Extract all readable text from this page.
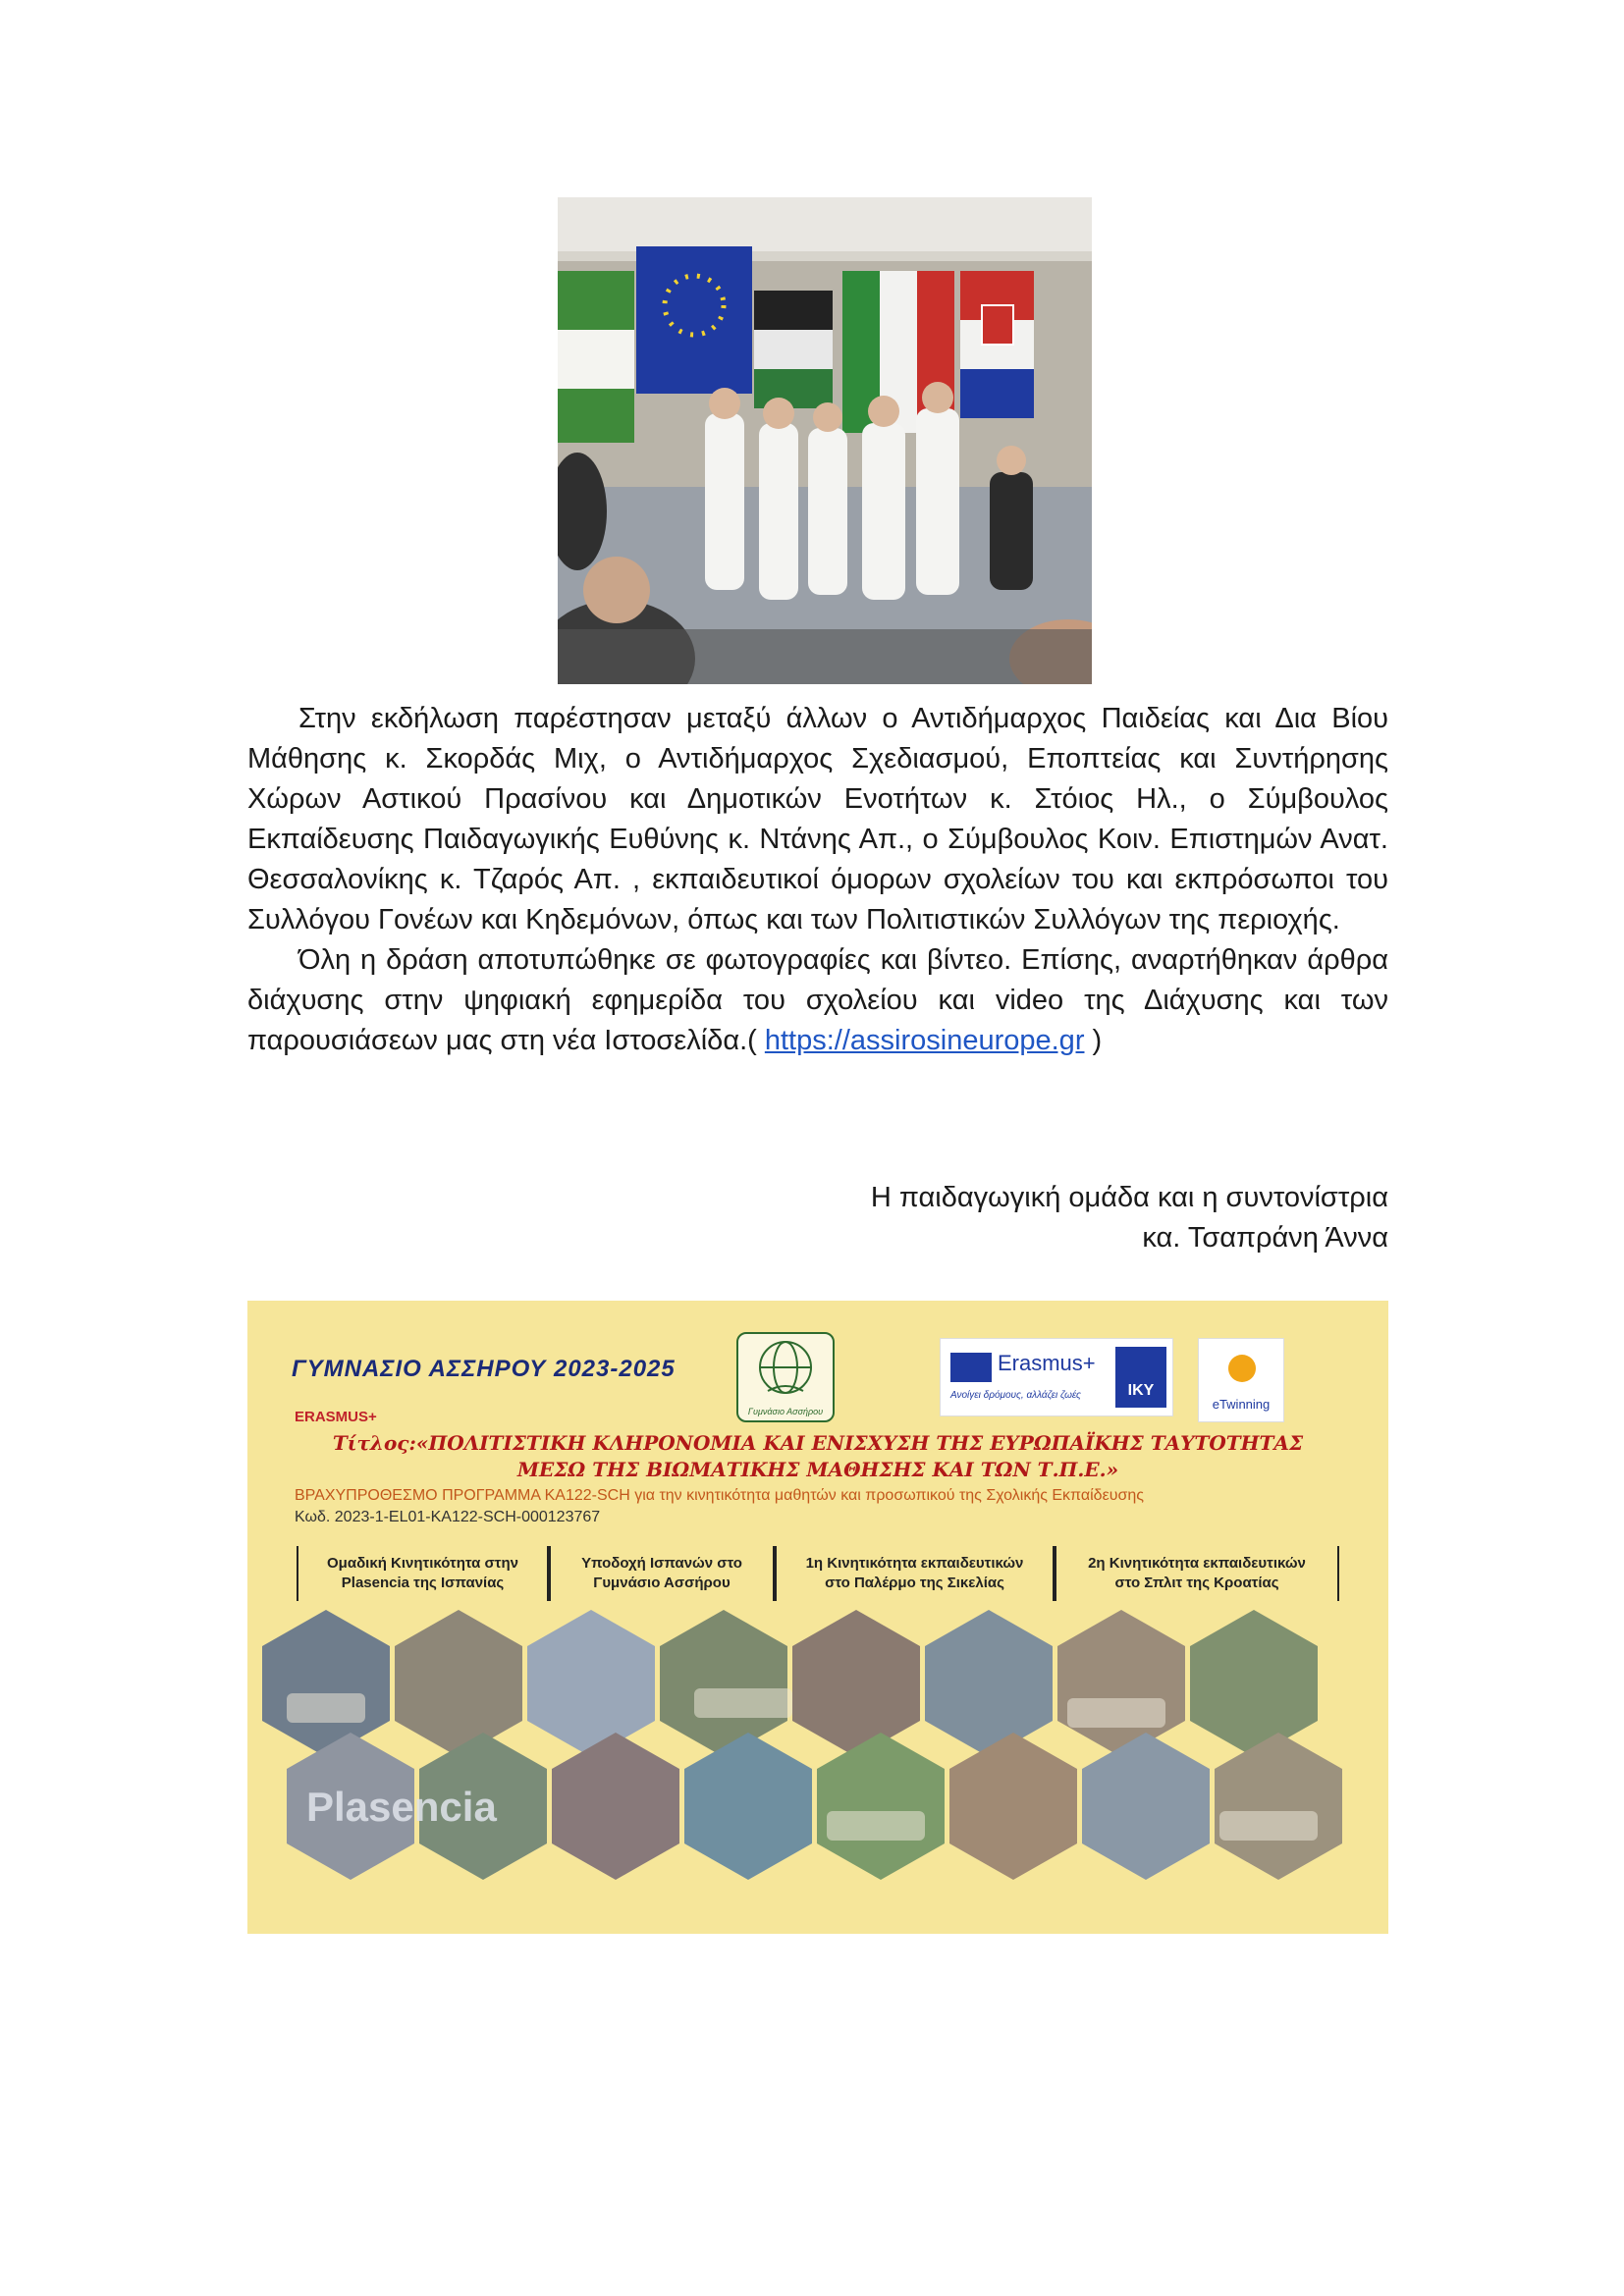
Στην εκδήλωση παρέστησαν μεταξύ άλλων ο Αντιδήμαρχος Παιδείας και Δια Βίου Μάθησης κ. Σκορδάς Μιχ, ο Αντιδήμαρχος Σχεδιασμού, Εποπτείας και Συντήρησης Χώρων Αστικού Πρασίνου και Δημοτικών Ενοτήτων κ. Στόιος Ηλ., ο Σύμβουλος Εκπαίδευσης Παιδαγωγικής Ευθύνης κ. Ντάνης Απ., ο Σύμβουλος Κοιν. Επιστημών Ανατ. Θεσσαλονίκης κ. Τζαρός Απ. , εκπαιδευτικοί όμορων σχολείων του και εκπρόσωποι του Συλλόγου Γονέων και Κηδεμόνων, όπως και των Πολιτιστικών Συλλόγων της περιοχής.

Όλη η δράση αποτυπώθηκε σε φωτογραφίες και βίντεο. Επίσης, αναρτήθηκαν άρθρα διάχυσης στην ψηφιακή εφημερίδα του σχολείου και video της Διάχυσης και των παρουσιάσεων μας στη νέα Ιστοσελίδα.( https://assirosineurope.gr )

Η παιδαγωγική ομάδα και η συντονίστρια
κα. Τσαπράνη Άννα
ΓΥΜΝΑΣΙΟ ΑΣΣΗΡΟΥ 2023-2025
Γυμνάσιο Ασσήρου
Erasmus+
Ανοίγει δρόμους, αλλάζει ζωές	IKY
eTwinning
ERASMUS+
Τίτλος:«ΠΟΛΙΤΙΣΤΙΚΗ ΚΛΗΡΟΝΟΜΙΑ ΚΑΙ ΕΝΙΣΧΥΣΗ ΤΗΣ ΕΥΡΩΠΑΪΚΗΣ ΤΑΥΤΟΤΗΤΑΣ
ΜΕΣΩ ΤΗΣ ΒΙΩΜΑΤΙΚΗΣ ΜΑΘΗΣΗΣ ΚΑΙ ΤΩΝ Τ.Π.Ε.»
ΒΡΑΧΥΠΡΟΘΕΣΜΟ ΠΡΟΓΡΑΜΜΑ ΚΑ122-SCH για την κινητικότητα μαθητών και προσωπικού της Σχολικής Εκπαίδευσης
Κωδ. 2023-1-EL01-KA122-SCH-000123767
Ομαδική Κινητικότητα στην
Plasencia της Ισπανίας
Υποδοχή Ισπανών στο
Γυμνάσιο Ασσήρου
1η Κινητικότητα εκπαιδευτικών
στο Παλέρμο της Σικελίας
2η Κινητικότητα εκπαιδευτικών
στο Σπλιτ της Κροατίας
Plasencia
